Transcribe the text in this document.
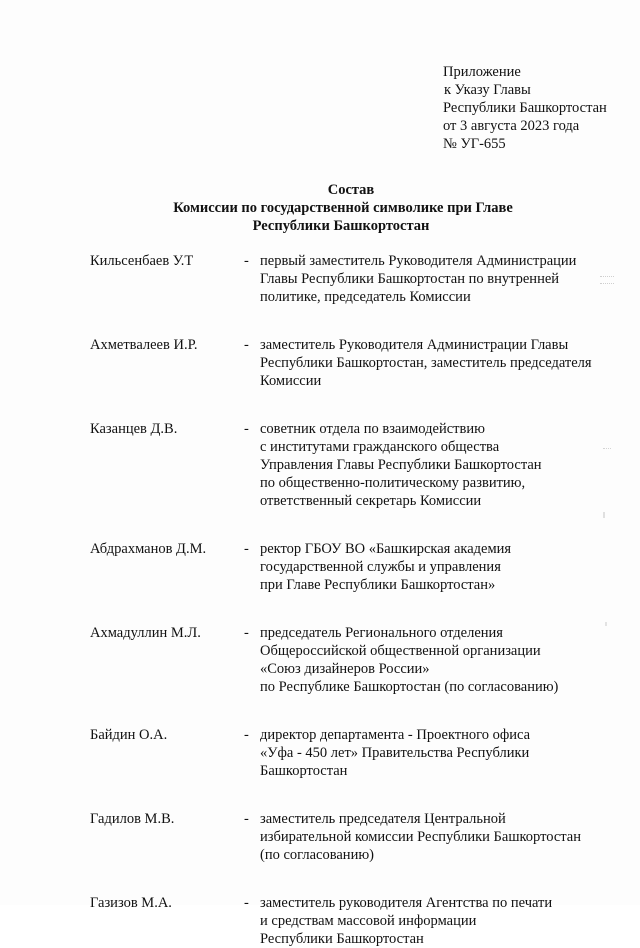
Приложение
к Указу Главы
Республики Башкортостан
от 3 августа 2023 года
№ УГ-655
Состав
Комиссии по государственной символике при Главе
Республики Башкортостан
Кильсенбаев У.Т	- первый заместитель Руководителя Администрации
Главы Республики Башкортостан по внутренней
политике, председатель Комиссии
Ахметвалеев И.Р.	- заместитель Руководителя Администрации Главы
Республики Башкортостан, заместитель председателя
Комиссии
Казанцев Д.В.	- советник отдела по взаимодействию
с институтами гражданского общества
Управления Главы Республики Башкортостан
по общественно-политическому развитию,
ответственный секретарь Комиссии
Абдрахманов Д.М.	- ректор ГБОУ ВО «Башкирская академия
государственной службы и управления
при Главе Республики Башкортостан»
Ахмадуллин М.Л.	- председатель Регионального отделения
Общероссийской общественной организации
«Союз дизайнеров России»
по Республике Башкортостан (по согласованию)
Байдин О.А.	- директор департамента - Проектного офиса
«Уфа - 450 лет» Правительства Республики
Башкортостан
Гадилов М.В.	- заместитель председателя Центральной
избирательной комиссии Республики Башкортостан
(по согласованию)
Газизов М.А.	- заместитель руководителя Агентства по печати
и средствам массовой информации
Республики Башкортостан
